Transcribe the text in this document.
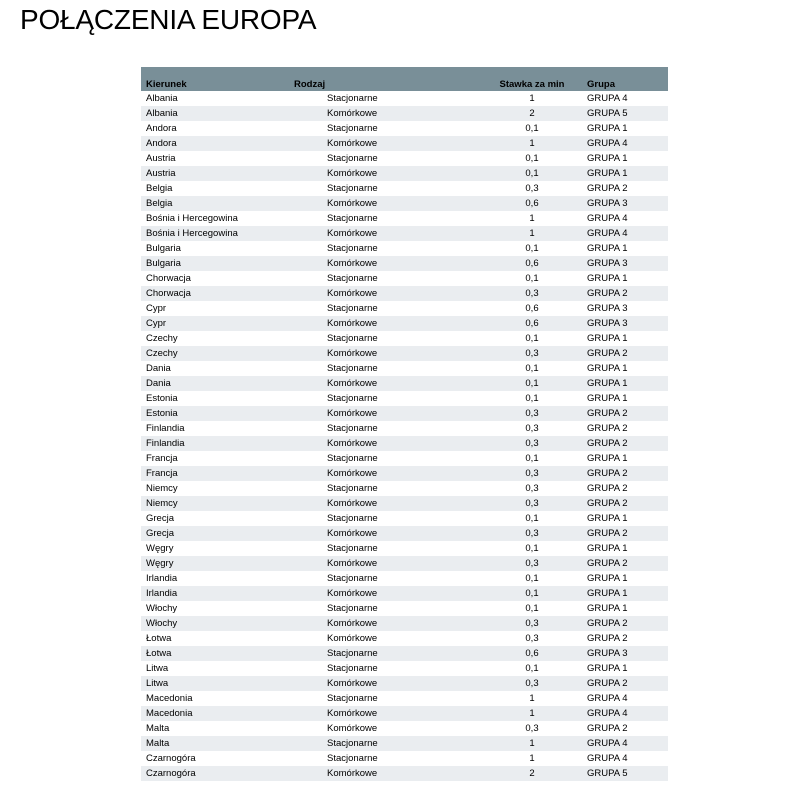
POŁĄCZENIA EUROPA
Kierunek	Rodzaj	Stawka za min	Grupa
Albania	Stacjonarne	1	GRUPA 4
Albania	Komórkowe	2	GRUPA 5
Andora	Stacjonarne	0,1	GRUPA 1
Andora	Komórkowe	1	GRUPA 4
Austria	Stacjonarne	0,1	GRUPA 1
Austria	Komórkowe	0,1	GRUPA 1
Belgia	Stacjonarne	0,3	GRUPA 2
Belgia	Komórkowe	0,6	GRUPA 3
Bośnia i Hercegowina	Stacjonarne	1	GRUPA 4
Bośnia i Hercegowina	Komórkowe	1	GRUPA 4
Bulgaria	Stacjonarne	0,1	GRUPA 1
Bulgaria	Komórkowe	0,6	GRUPA 3
Chorwacja	Stacjonarne	0,1	GRUPA 1
Chorwacja	Komórkowe	0,3	GRUPA 2
Cypr	Stacjonarne	0,6	GRUPA 3
Cypr	Komórkowe	0,6	GRUPA 3
Czechy	Stacjonarne	0,1	GRUPA 1
Czechy	Komórkowe	0,3	GRUPA 2
Dania	Stacjonarne	0,1	GRUPA 1
Dania	Komórkowe	0,1	GRUPA 1
Estonia	Stacjonarne	0,1	GRUPA 1
Estonia	Komórkowe	0,3	GRUPA 2
Finlandia	Stacjonarne	0,3	GRUPA 2
Finlandia	Komórkowe	0,3	GRUPA 2
Francja	Stacjonarne	0,1	GRUPA 1
Francja	Komórkowe	0,3	GRUPA 2
Niemcy	Stacjonarne	0,3	GRUPA 2
Niemcy	Komórkowe	0,3	GRUPA 2
Grecja	Stacjonarne	0,1	GRUPA 1
Grecja	Komórkowe	0,3	GRUPA 2
Węgry	Stacjonarne	0,1	GRUPA 1
Węgry	Komórkowe	0,3	GRUPA 2
Irlandia	Stacjonarne	0,1	GRUPA 1
Irlandia	Komórkowe	0,1	GRUPA 1
Włochy	Stacjonarne	0,1	GRUPA 1
Włochy	Komórkowe	0,3	GRUPA 2
Łotwa	Komórkowe	0,3	GRUPA 2
Łotwa	Stacjonarne	0,6	GRUPA 3
Litwa	Stacjonarne	0,1	GRUPA 1
Litwa	Komórkowe	0,3	GRUPA 2
Macedonia	Stacjonarne	1	GRUPA 4
Macedonia	Komórkowe	1	GRUPA 4
Malta	Komórkowe	0,3	GRUPA 2
Malta	Stacjonarne	1	GRUPA 4
Czarnogóra	Stacjonarne	1	GRUPA 4
Czarnogóra	Komórkowe	2	GRUPA 5
